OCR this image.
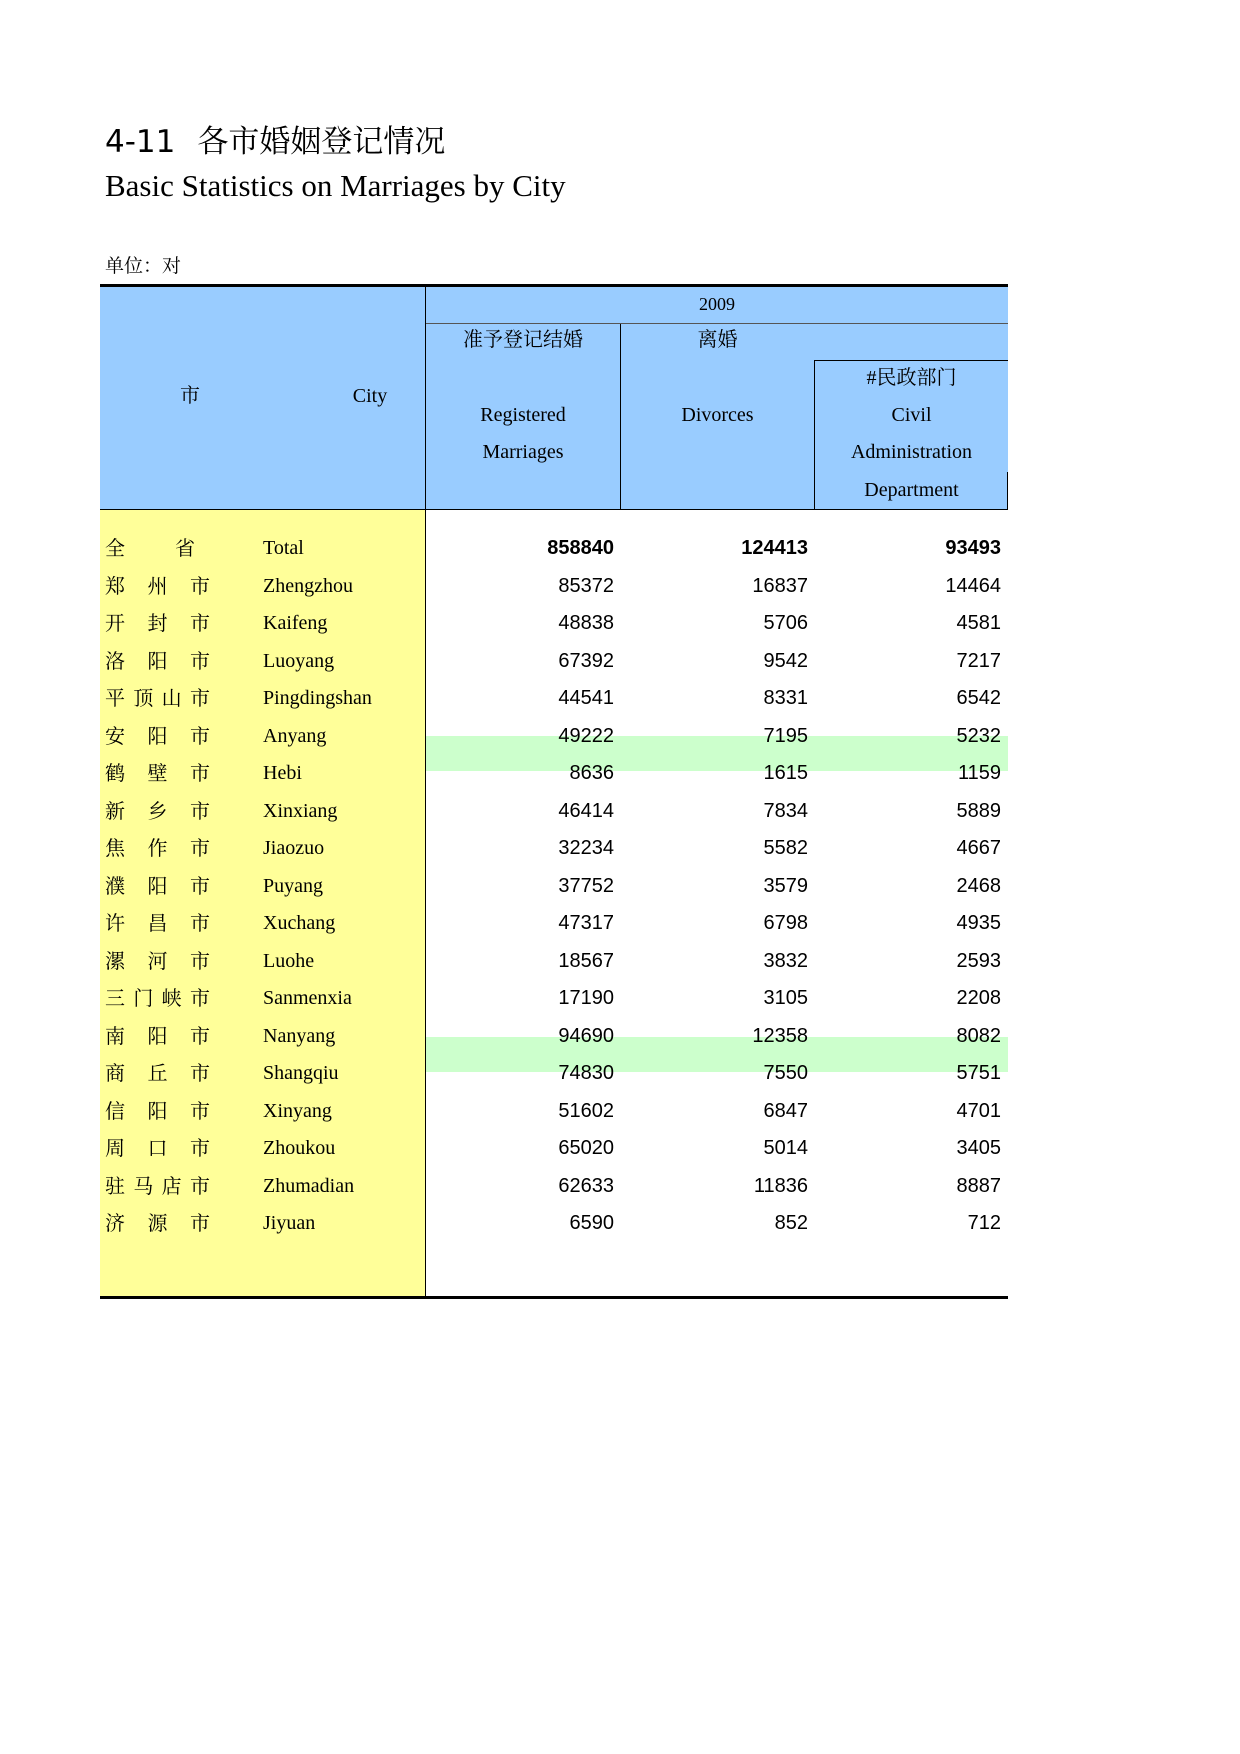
4-11 各市婚姻登记情况
Basic Statistics on Marriages by City
单位：对
市	City
2009
准予登记结婚
Registered
Marriages
离婚
Divorces
#民政部门
Civil
Administration
Department
全	省	Total	858840	124413	93493
郑 州 市	Zhengzhou	85372	16837	14464
开 封 市	Kaifeng	48838	5706	4581
洛 阳 市	Luoyang	67392	9542	7217
平 顶 山 市	Pingdingshan	44541	8331	6542
安 阳 市	Anyang	49222	7195	5232
鹤 壁 市	Hebi	8636	1615	1159
新 乡 市	Xinxiang	46414	7834	5889
焦 作 市	Jiaozuo	32234	5582	4667
濮 阳 市	Puyang	37752	3579	2468
许 昌 市	Xuchang	47317	6798	4935
漯 河 市	Luohe	18567	3832	2593
三 门 峡 市	Sanmenxia	17190	3105	2208
南 阳 市	Nanyang	94690	12358	8082
商 丘 市	Shangqiu	74830	7550	5751
信 阳 市	Xinyang	51602	6847	4701
周 口 市	Zhoukou	65020	5014	3405
驻 马 店 市	Zhumadian	62633	11836	8887
济 源 市	Jiyuan	6590	852	712
